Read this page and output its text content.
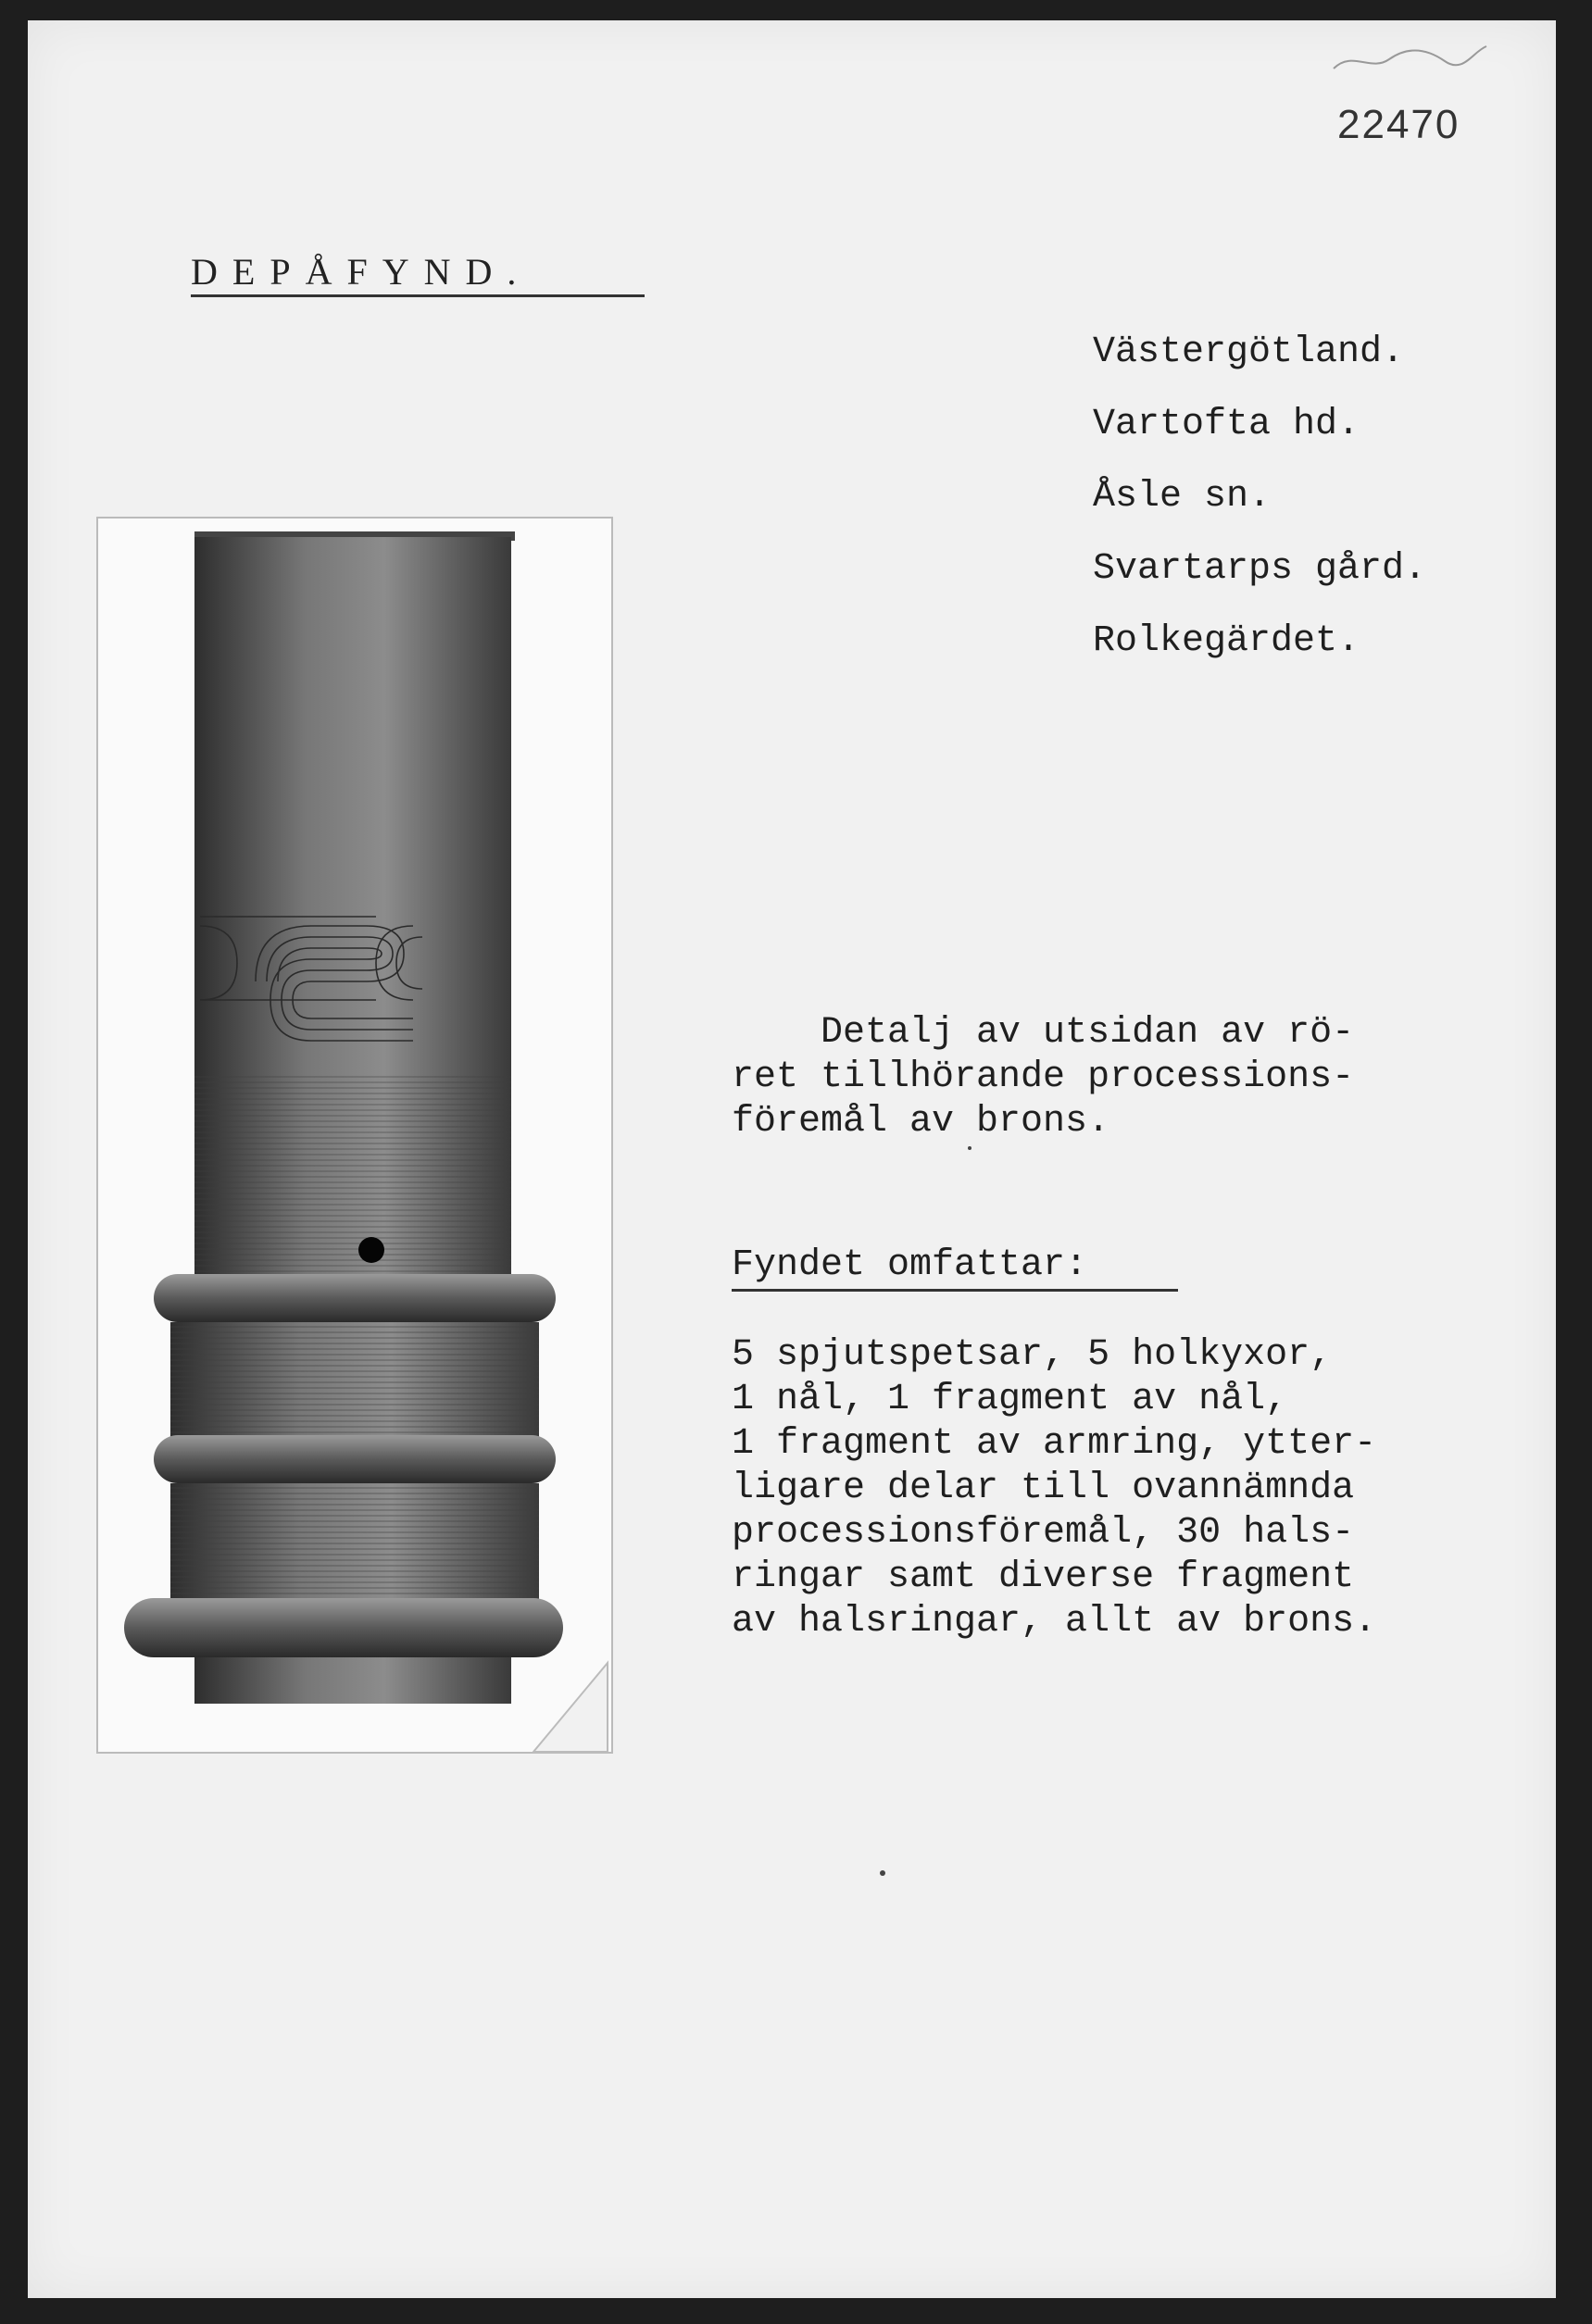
22470
DEPÅFYND.
Västergötland.
Vartofta hd.
Åsle sn.
Svartarps gård.
Rolkegärdet.
Detalj av utsidan av rö-
ret tillhörande processions-
föremål av brons.
Fyndet omfattar:
5 spjutspetsar, 5 holkyxor,
1 nål, 1 fragment av nål,
1 fragment av armring, ytter-
ligare delar till ovannämnda
processionsföremål, 30 hals-
ringar samt diverse fragment
av halsringar, allt av brons.
